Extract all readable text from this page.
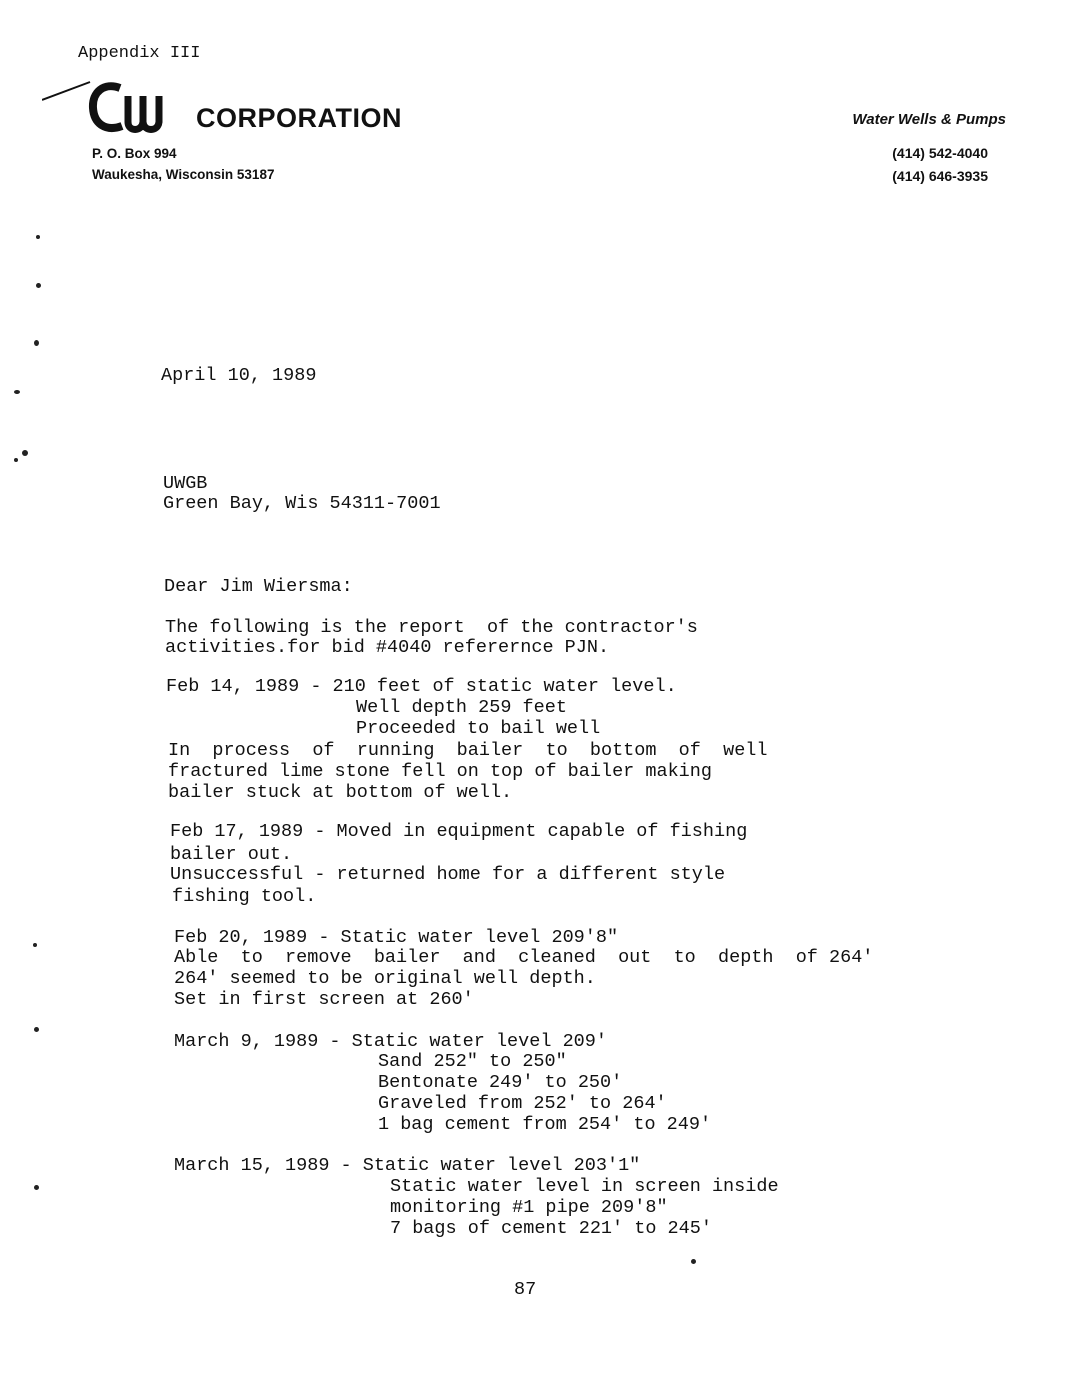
Appendix III
CORPORATION
P. O. Box 994
Waukesha, Wisconsin 53187
Water Wells & Pumps
(414) 542-4040
(414) 646-3935
April 10, 1989
UWGB
Green Bay, Wis 54311-7001
Dear Jim Wiersma:
The following is the report  of the contractor's
activities.for bid #4040 referernce PJN.
Feb 14, 1989 - 210 feet of static water level.
Well depth 259 feet
Proceeded to bail well
In  process  of  running  bailer  to  bottom  of  well
fractured lime stone fell on top of bailer making
bailer stuck at bottom of well.
Feb 17, 1989 - Moved in equipment capable of fishing
bailer out.
Unsuccessful - returned home for a different style
fishing tool.
Feb 20, 1989 - Static water level 209'8"
Able  to  remove  bailer  and  cleaned  out  to  depth  of 264'
264' seemed to be original well depth.
Set in first screen at 260'
March 9, 1989 - Static water level 209'
Sand 252" to 250"
Bentonate 249' to 250'
Graveled from 252' to 264'
1 bag cement from 254' to 249'
March 15, 1989 - Static water level 203'1"
Static water level in screen inside
monitoring #1 pipe 209'8"
7 bags of cement 221' to 245'
87
